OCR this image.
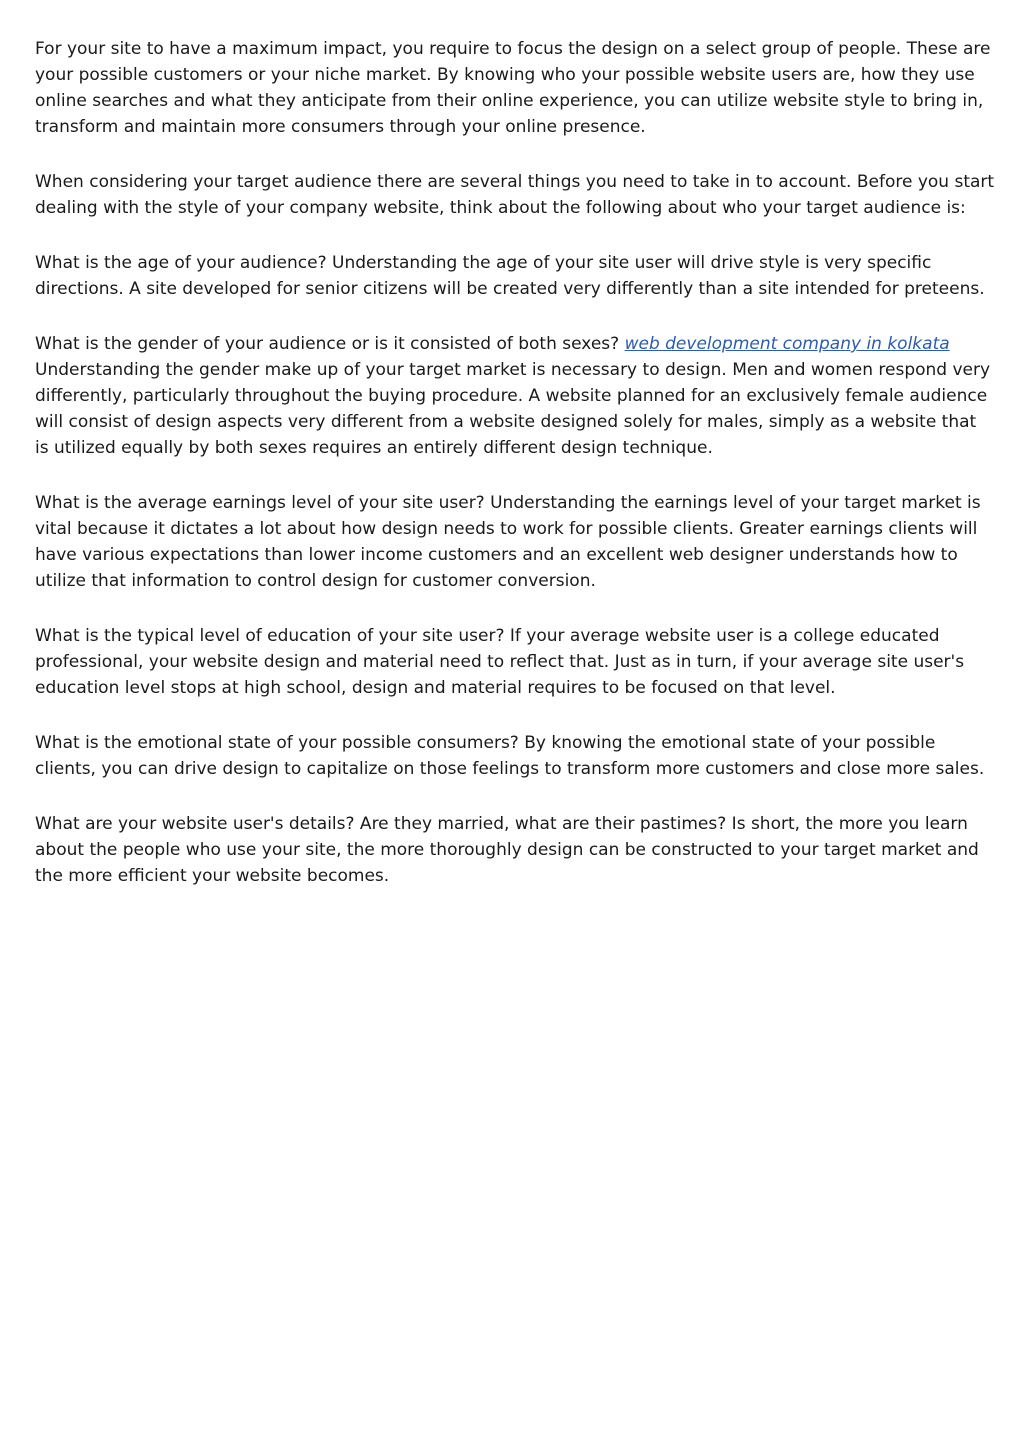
For your site to have a maximum impact, you require to focus the design on a select group of people. These are your possible customers or your niche market. By knowing who your possible website users are, how they use online searches and what they anticipate from their online experience, you can utilize website style to bring in, transform and maintain more consumers through your online presence.

When considering your target audience there are several things you need to take in to account. Before you start dealing with the style of your company website, think about the following about who your target audience is:

What is the age of your audience? Understanding the age of your site user will drive style is very specific directions. A site developed for senior citizens will be created very differently than a site intended for preteens.

What is the gender of your audience or is it consisted of both sexes? web development company in kolkata Understanding the gender make up of your target market is necessary to design. Men and women respond very differently, particularly throughout the buying procedure. A website planned for an exclusively female audience will consist of design aspects very different from a website designed solely for males, simply as a website that is utilized equally by both sexes requires an entirely different design technique.

What is the average earnings level of your site user? Understanding the earnings level of your target market is vital because it dictates a lot about how design needs to work for possible clients. Greater earnings clients will have various expectations than lower income customers and an excellent web designer understands how to utilize that information to control design for customer conversion.

What is the typical level of education of your site user? If your average website user is a college educated professional, your website design and material need to reflect that. Just as in turn, if your average site user's education level stops at high school, design and material requires to be focused on that level.

What is the emotional state of your possible consumers? By knowing the emotional state of your possible clients, you can drive design to capitalize on those feelings to transform more customers and close more sales.

What are your website user's details? Are they married, what are their pastimes? Is short, the more you learn about the people who use your site, the more thoroughly design can be constructed to your target market and the more efficient your website becomes.
